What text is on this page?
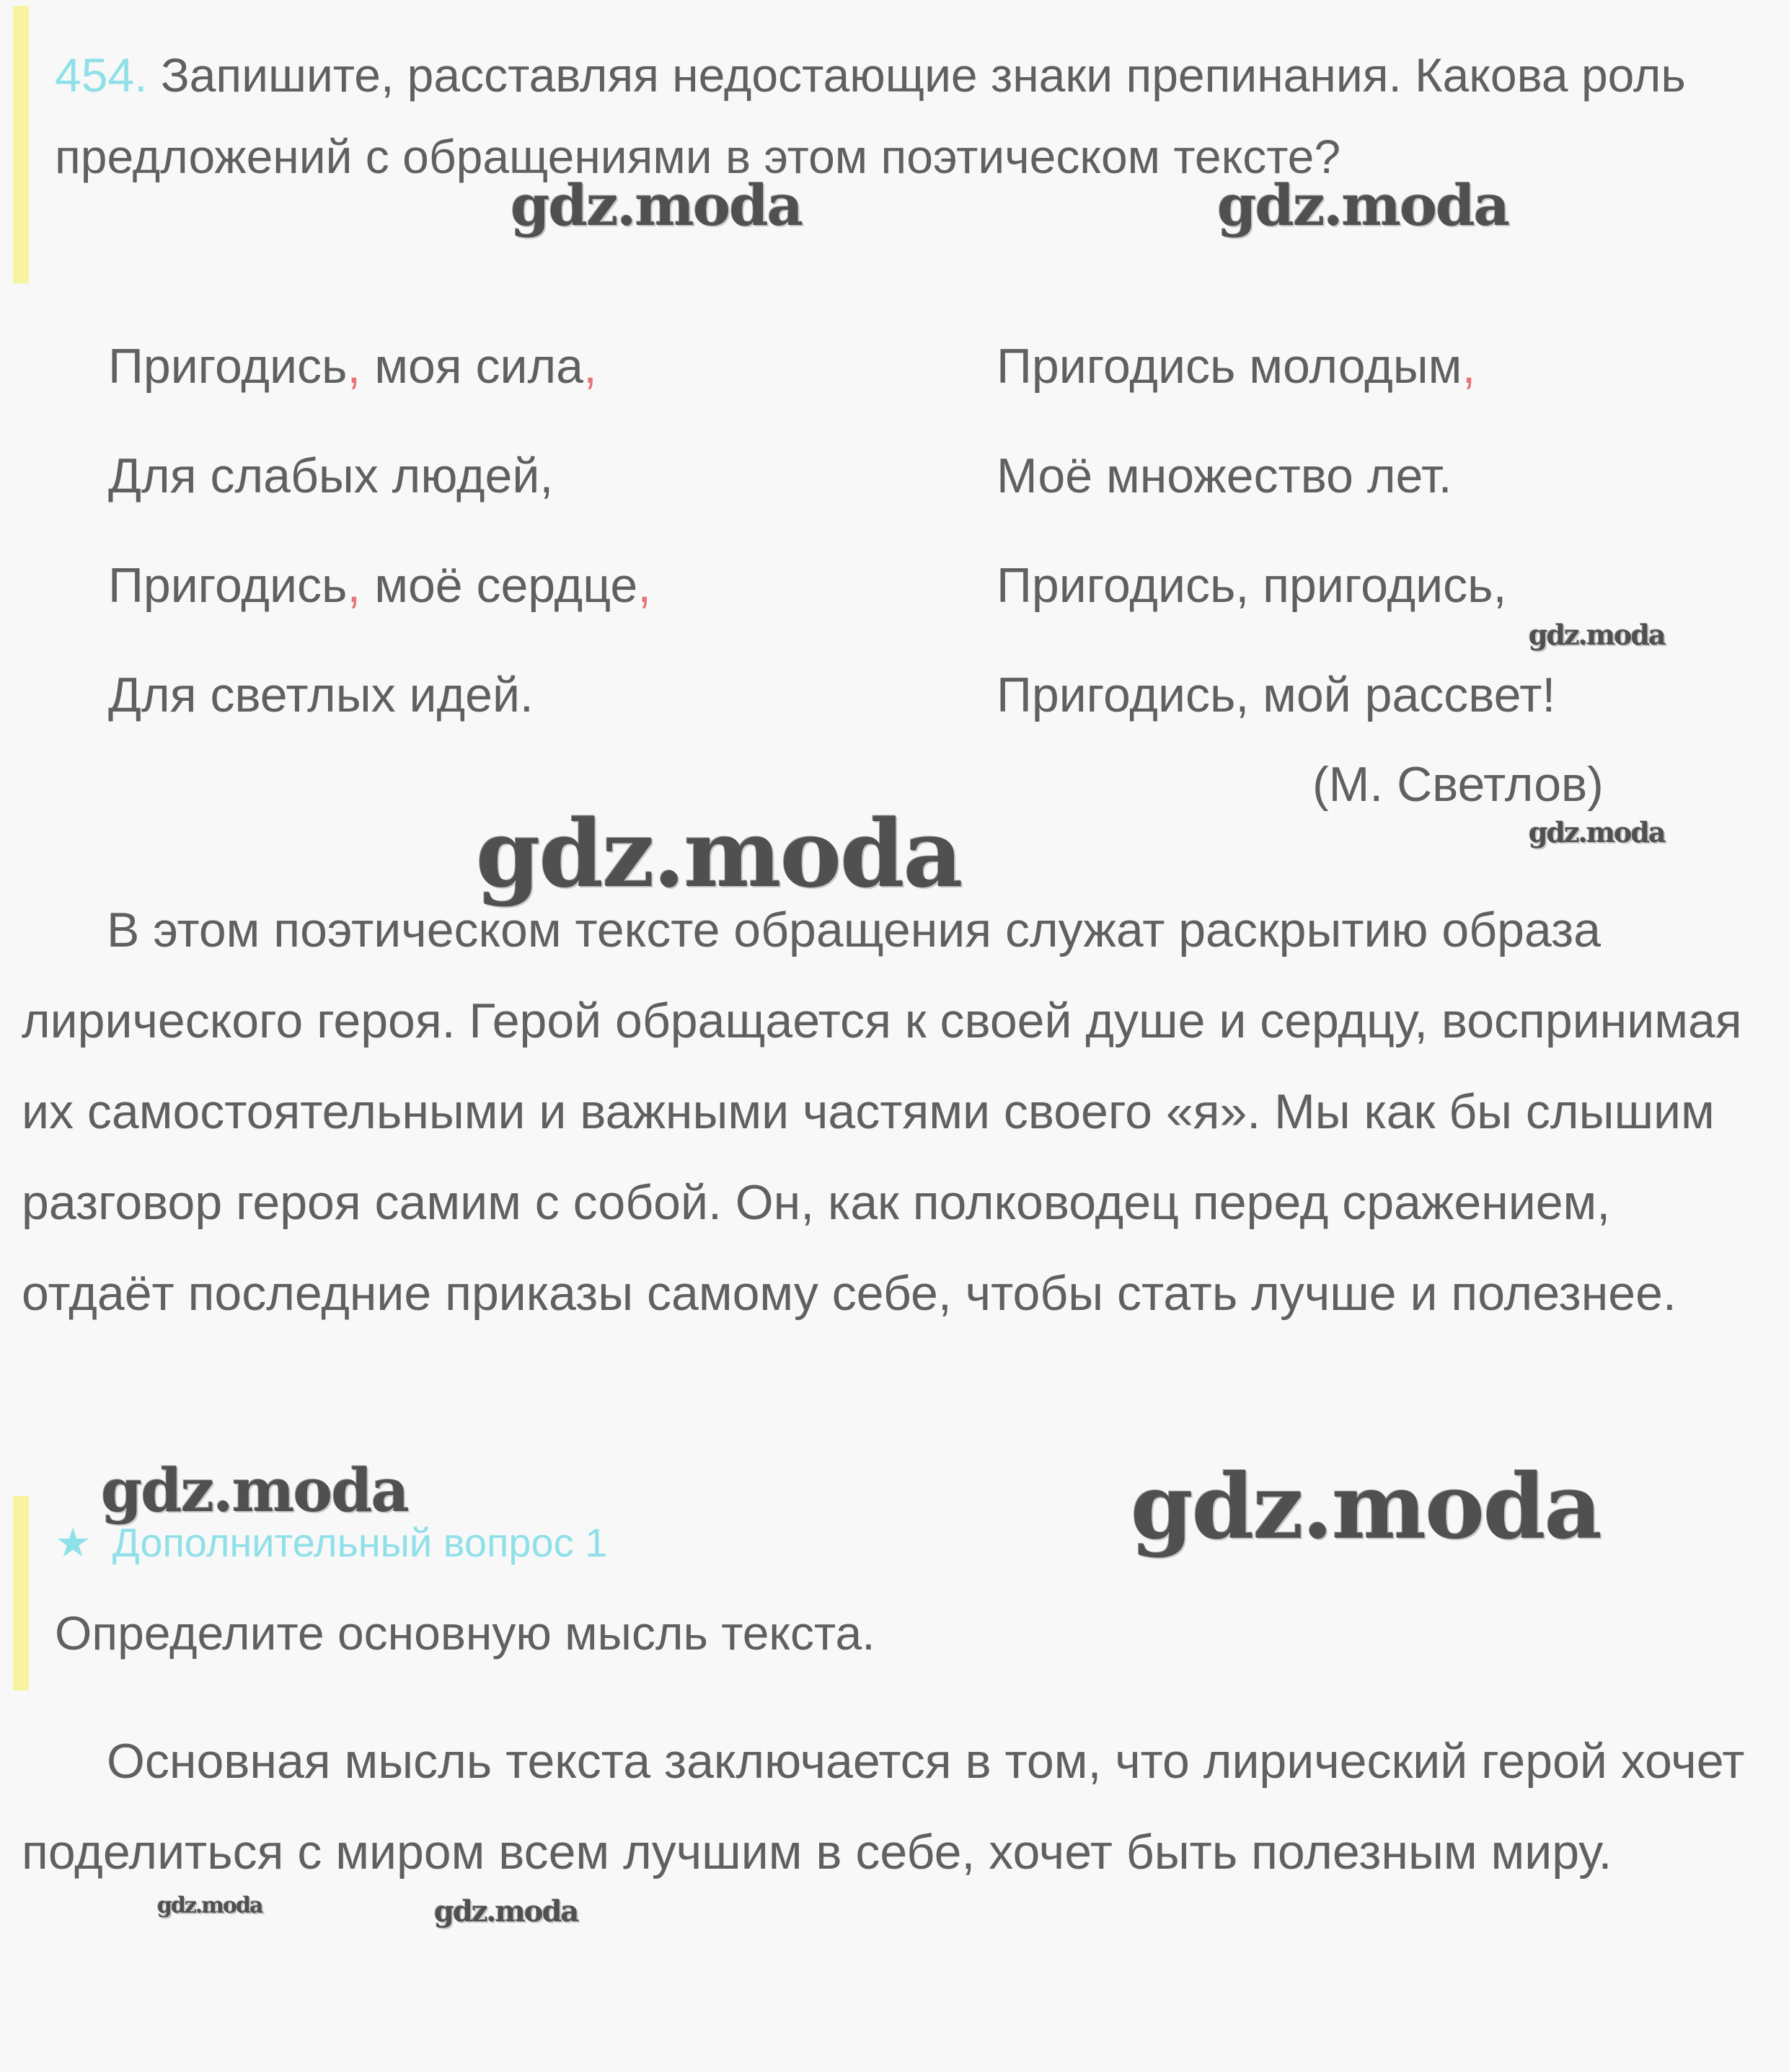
454. Запишите, расставляя недостающие знаки препинания. Какова роль предложений с обращениями в этом поэтическом тексте?
Пригодись, моя сила,
Для слабых людей,
Пригодись, моё сердце,
Для светлых идей.
Пригодись молодым,
Моё множество лет.
Пригодись, пригодись,
Пригодись, мой рассвет!
(М. Светлов)
В этом поэтическом тексте обращения служат раскрытию образа лирического героя. Герой обращается к своей душе и сердцу, воспринимая их самостоятельными и важными частями своего «я». Мы как бы слышим разговор героя самим с собой. Он, как полководец перед сражением, отдаёт последние приказы самому себе, чтобы стать лучше и полезнее.
★ Дополнительный вопрос 1
Определите основную мысль текста.
Основная мысль текста заключается в том, что лирический герой хочет поделиться с миром всем лучшим в себе, хочет быть полезным миру.
gdz.moda	gdz.moda
gdz.moda
gdz.moda	gdz.moda
gdz.moda	gdz.moda
gdz.moda	gdz.moda
